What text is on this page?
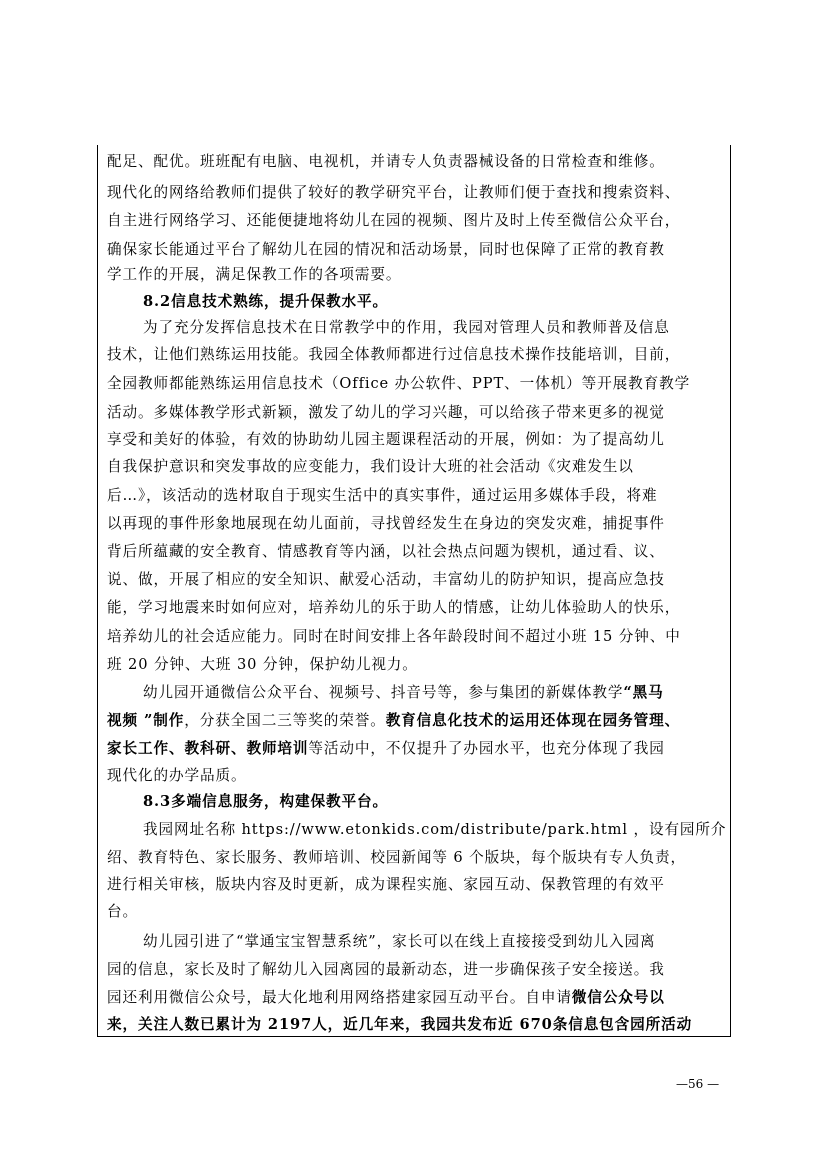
配足、配优。班班配有电脑、电视机，并请专人负责器械设备的日常检查和维修。
现代化的网络给教师们提供了较好的教学研究平台，让教师们便于查找和搜索资料、
自主进行网络学习、还能便捷地将幼儿在园的视频、图片及时上传至微信公众平台，
确保家长能通过平台了解幼儿在园的情况和活动场景，同时也保障了正常的教育教
学工作的开展，满足保教工作的各项需要。
8.2信息技术熟练，提升保教水平。
为了充分发挥信息技术在日常教学中的作用，我园对管理人员和教师普及信息
技术，让他们熟练运用技能。我园全体教师都进行过信息技术操作技能培训，目前，
全园教师都能熟练运用信息技术（Office 办公软件、PPT、一体机）等开展教育教学
活动。多媒体教学形式新颖，激发了幼儿的学习兴趣，可以给孩子带来更多的视觉
享受和美好的体验，有效的协助幼儿园主题课程活动的开展，例如：为了提高幼儿
自我保护意识和突发事故的应变能力，我们设计大班的社会活动《灾难发生以
后…》，该活动的选材取自于现实生活中的真实事件，通过运用多媒体手段，将难
以再现的事件形象地展现在幼儿面前，寻找曾经发生在身边的突发灾难，捕捉事件
背后所蕴藏的安全教育、情感教育等内涵，以社会热点问题为锲机，通过看、议、
说、做，开展了相应的安全知识、献爱心活动，丰富幼儿的防护知识，提高应急技
能，学习地震来时如何应对，培养幼儿的乐于助人的情感，让幼儿体验助人的快乐，
培养幼儿的社会适应能力。同时在时间安排上各年龄段时间不超过小班 15 分钟、中
班 20 分钟、大班 30 分钟，保护幼儿视力。
幼儿园开通微信公众平台、视频号、抖音号等，参与集团的新媒体教学“黑马
视频 ”制作，分获全国二三等奖的荣誉。教育信息化技术的运用还体现在园务管理、
家长工作、教科研、教师培训等活动中，不仅提升了办园水平，也充分体现了我园
现代化的办学品质。
8.3多端信息服务，构建保教平台。
我园网址名称 https://www.etonkids.com/distribute/park.html ，设有园所介
绍、教育特色、家长服务、教师培训、校园新闻等 6 个版块，每个版块有专人负责，
进行相关审核，版块内容及时更新，成为课程实施、家园互动、保教管理的有效平
台。
幼儿园引进了“掌通宝宝智慧系统”，家长可以在线上直接接受到幼儿入园离
园的信息，家长及时了解幼儿入园离园的最新动态，进一步确保孩子安全接送。我
园还利用微信公众号，最大化地利用网络搭建家园互动平台。自申请微信公众号以
来，关注人数已累计为 2197人，近几年来，我园共发布近 670条信息包含园所活动
—56 —
